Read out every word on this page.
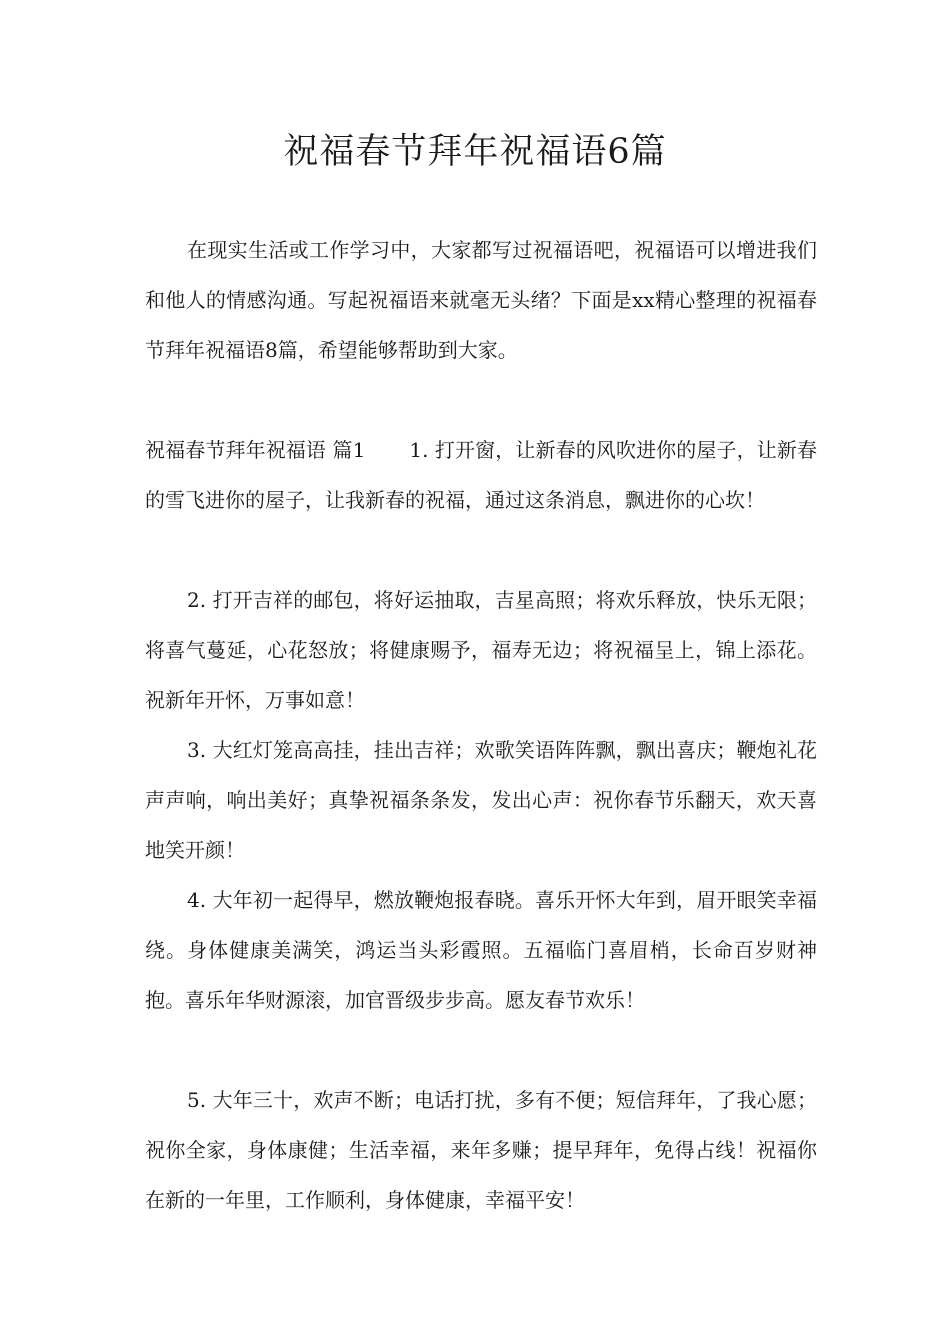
祝福春节拜年祝福语6篇

在现实生活或工作学习中，大家都写过祝福语吧，祝福语可以增进我们和他人的情感沟通。写起祝福语来就毫无头绪？下面是xx精心整理的祝福春节拜年祝福语8篇，希望能够帮助到大家。

祝福春节拜年祝福语 篇1 1. 打开窗，让新春的风吹进你的屋子，让新春的雪飞进你的屋子，让我新春的祝福，通过这条消息，飘进你的心坎！

2. 打开吉祥的邮包，将好运抽取，吉星高照；将欢乐释放，快乐无限；将喜气蔓延，心花怒放；将健康赐予，福寿无边；将祝福呈上，锦上添花。祝新年开怀，万事如意！

3. 大红灯笼高高挂，挂出吉祥；欢歌笑语阵阵飘，飘出喜庆；鞭炮礼花声声响，响出美好；真挚祝福条条发，发出心声：祝你春节乐翻天，欢天喜地笑开颜！

4. 大年初一起得早，燃放鞭炮报春晓。喜乐开怀大年到，眉开眼笑幸福绕。身体健康美满笑，鸿运当头彩霞照。五福临门喜眉梢，长命百岁财神抱。喜乐年华财源滚，加官晋级步步高。愿友春节欢乐！

5. 大年三十，欢声不断；电话打扰，多有不便；短信拜年，了我心愿；祝你全家，身体康健；生活幸福，来年多赚；提早拜年，免得占线！祝福你在新的一年里，工作顺利，身体健康，幸福平安！
